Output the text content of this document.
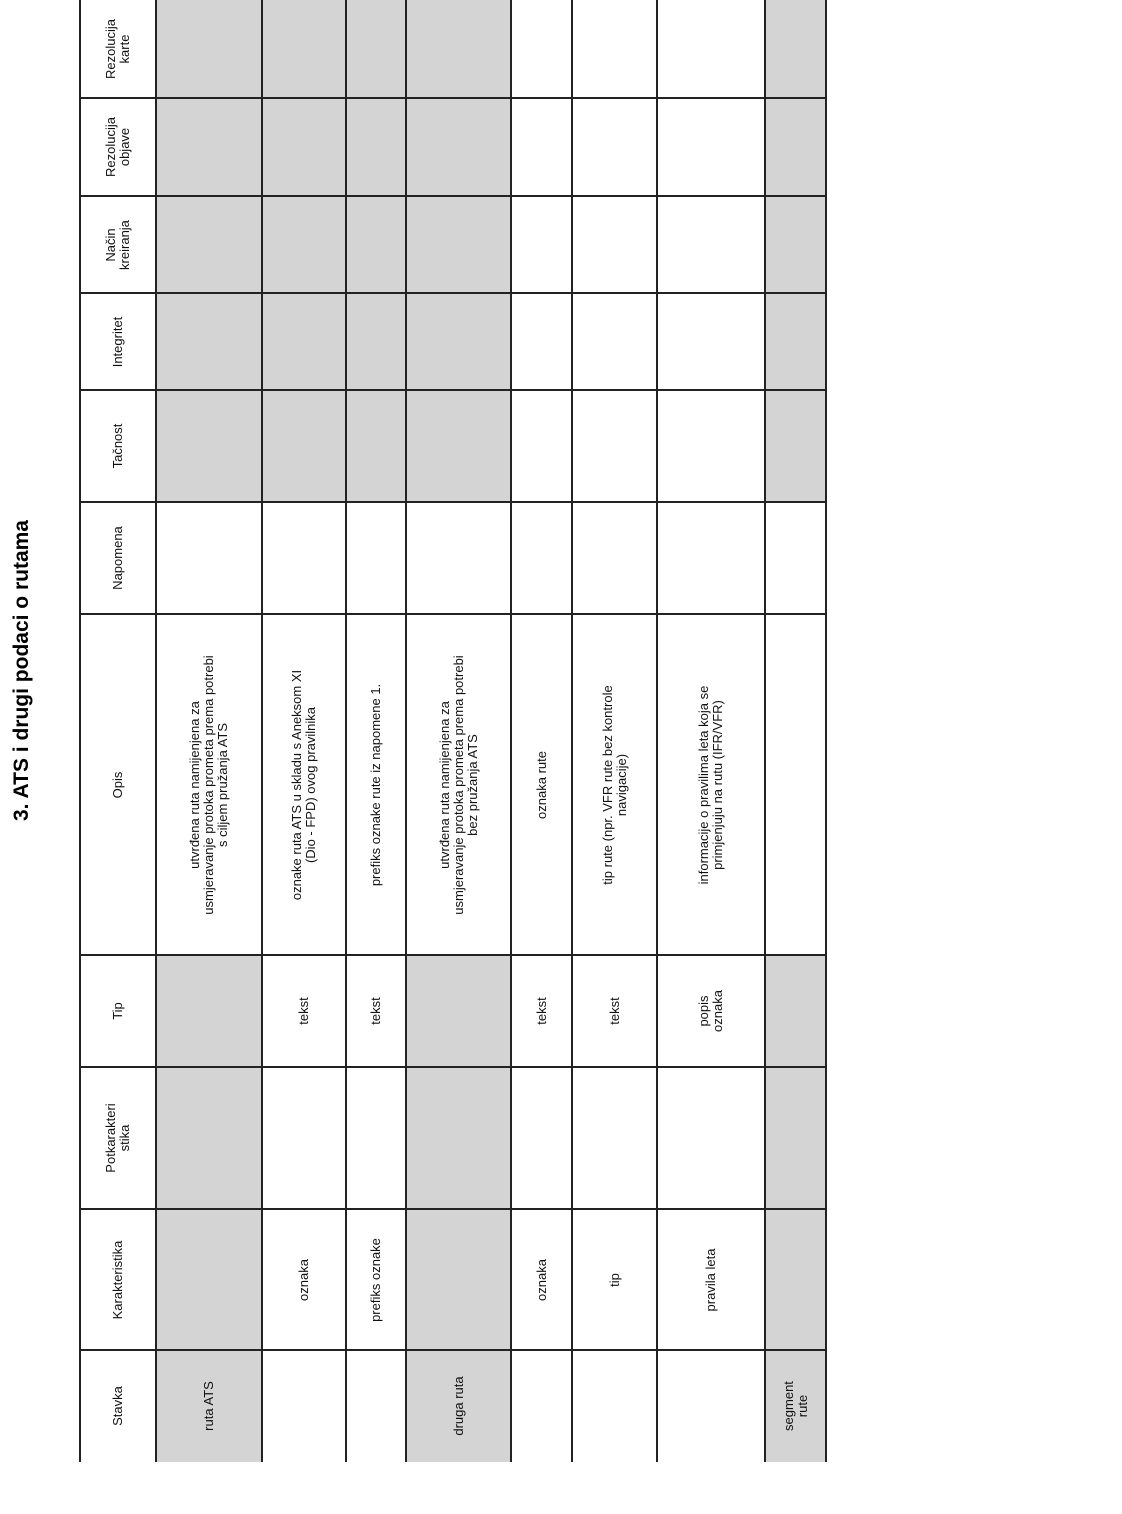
3. ATS i drugi podaci o rutama
Stavka
Karakteristika
Potkarakteri
stika
Tip
Opis
Napomena
Tačnost
Integritet
Način
kreiranja
Rezolucija
objave
Rezolucija
karte
ruta ATS
utvrđena ruta namijenjena za
usmjeravanje protoka prometa prema potrebi
s ciljem pružanja ATS
oznaka
tekst
oznake ruta ATS u skladu s Aneksom XI
(Dio - FPD) ovog pravilnika
prefiks oznake
tekst
prefiks oznake rute iz napomene 1.
druga ruta
utvrđena ruta namijenjena za
usmjeravanje protoka prometa prema potrebi
bez pružanja ATS
oznaka
tekst
oznaka rute
tip
tekst
tip rute (npr. VFR rute bez kontrole
navigacije)
pravila leta
popis
oznaka
informacije o pravilima leta koja se
primjenjuju na rutu (IFR/VFR)
segment
rute
